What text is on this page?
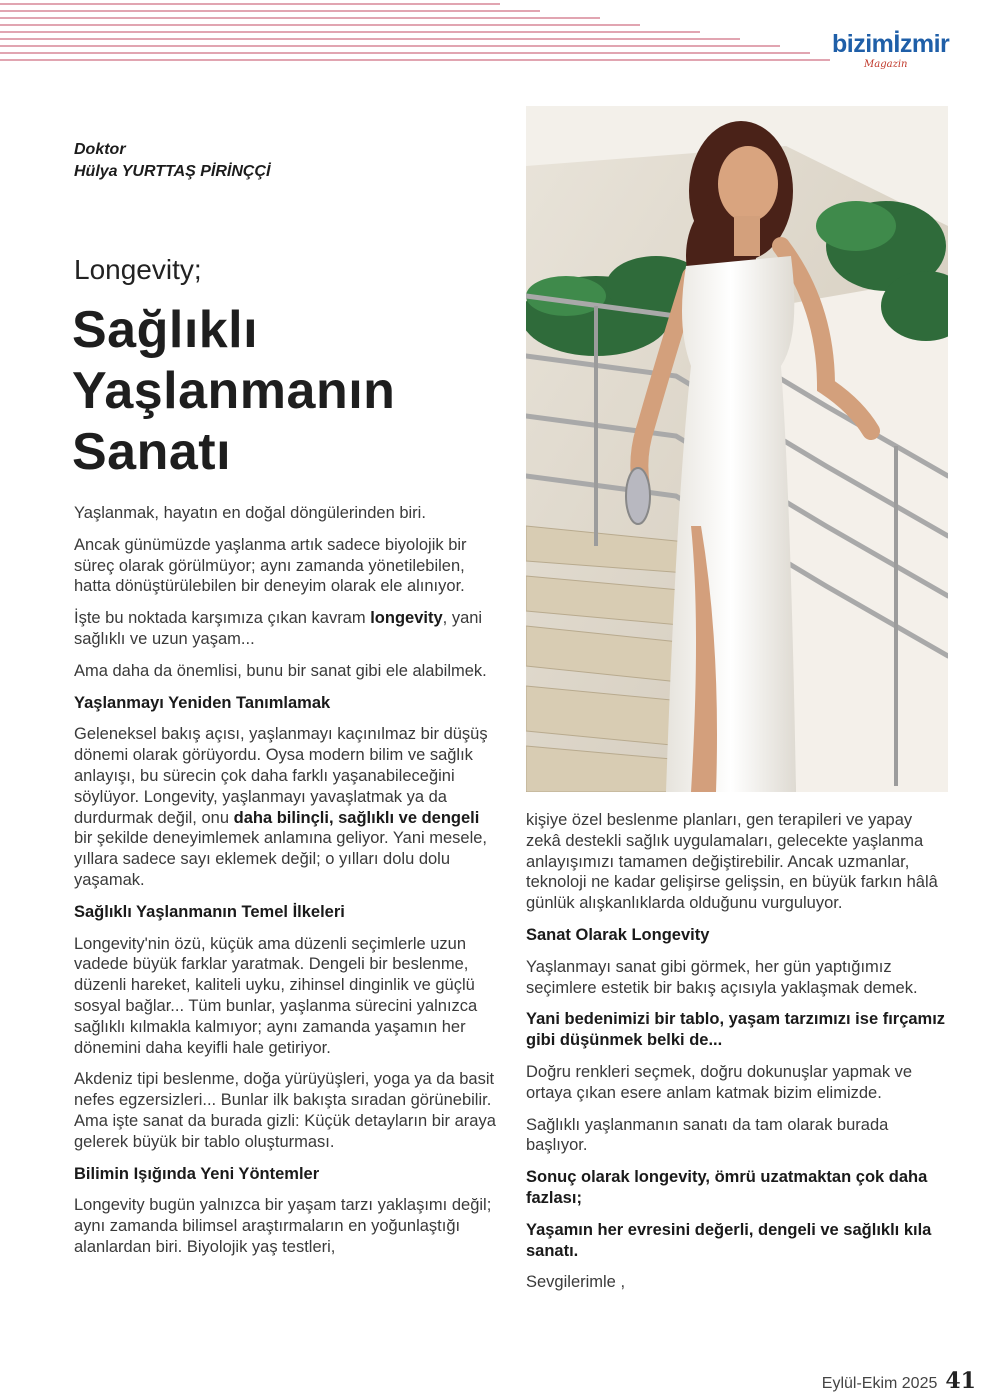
bizimİzmir
Magazin
Doktor
Hülya YURTTAŞ PİRİNÇÇİ
Longevity;
Sağlıklı
Yaşlanmanın
Sanatı

Yaşlanmak, hayatın en doğal döngülerinden biri.

Ancak günümüzde yaşlanma artık sadece biyolojik bir süreç olarak görülmüyor; aynı zamanda yönetilebilen, hatta dönüştürülebilen bir deneyim olarak ele alınıyor.

İşte bu noktada karşımıza çıkan kavram longevity, yani sağlıklı ve uzun yaşam...

Ama daha da önemlisi, bunu bir sanat gibi ele alabilmek.

Yaşlanmayı Yeniden Tanımlamak

Geleneksel bakış açısı, yaşlanmayı kaçınılmaz bir düşüş dönemi olarak görüyordu. Oysa modern bilim ve sağlık anlayışı, bu sürecin çok daha farklı yaşanabileceğini söylüyor. Longevity, yaşlanmayı yavaşlatmak ya da durdurmak değil, onu daha bilinçli, sağlıklı ve dengeli bir şekilde deneyimlemek anlamına geliyor. Yani mesele, yıllara sadece sayı eklemek değil; o yılları dolu dolu yaşamak.

Sağlıklı Yaşlanmanın Temel İlkeleri

Longevity'nin özü, küçük ama düzenli seçimlerle uzun vadede büyük farklar yaratmak. Dengeli bir beslenme, düzenli hareket, kaliteli uyku, zihinsel dinginlik ve güçlü sosyal bağlar... Tüm bunlar, yaşlanma sürecini yalnızca sağlıklı kılmakla kalmıyor; aynı zamanda yaşamın her dönemini daha keyifli hale getiriyor.

Akdeniz tipi beslenme, doğa yürüyüşleri, yoga ya da basit nefes egzersizleri... Bunlar ilk bakışta sıradan görünebilir. Ama işte sanat da burada gizli: Küçük detayların bir araya gelerek büyük bir tablo oluşturması.

Bilimin Işığında Yeni Yöntemler

Longevity bugün yalnızca bir yaşam tarzı yaklaşımı değil; aynı zamanda bilimsel araştırmaların en yoğunlaştığı alanlardan biri. Biyolojik yaş testleri,

kişiye özel beslenme planları, gen terapileri ve yapay zekâ destekli sağlık uygulamaları, gelecekte yaşlanma anlayışımızı tamamen değiştirebilir. Ancak uzmanlar, teknoloji ne kadar gelişirse gelişsin, en büyük farkın hâlâ günlük alışkanlıklarda olduğunu vurguluyor.

Sanat Olarak Longevity

Yaşlanmayı sanat gibi görmek, her gün yaptığımız seçimlere estetik bir bakış açısıyla yaklaşmak demek.

Yani bedenimizi bir tablo, yaşam tarzımızı ise fırçamız gibi düşünmek belki de...

Doğru renkleri seçmek, doğru dokunuşlar yapmak ve ortaya çıkan esere anlam katmak bizim elimizde.

Sağlıklı yaşlanmanın sanatı da tam olarak burada başlıyor.

Sonuç olarak longevity, ömrü uzatmaktan çok daha fazlası;

Yaşamın her evresini değerli, dengeli ve sağlıklı kıla sanatı.

Sevgilerimle ,

Eylül-Ekim 2025 41
